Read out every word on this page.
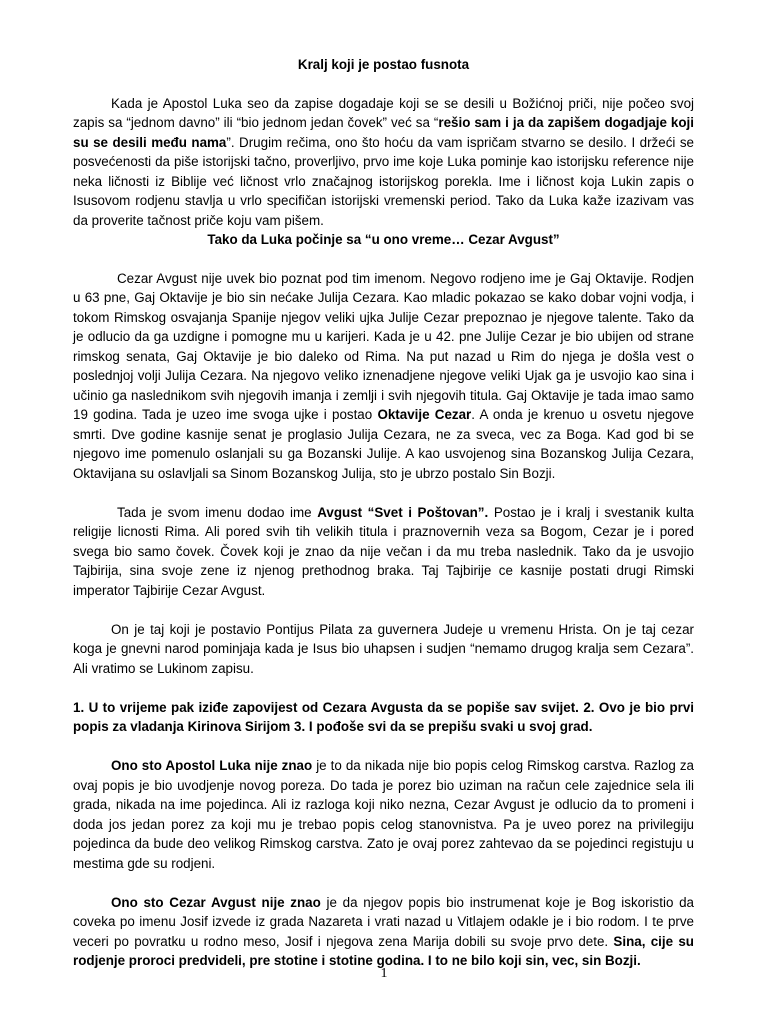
Kralj koji je postao fusnota

Kada je Apostol Luka seo da zapise dogadaje koji se se desili u Božićnoj priči, nije počeo svoj zapis sa “jednom davno” ili “bio jednom jedan čovek” već sa “rešio sam i ja da zapišem dogadjaje koji su se desili među nama”. Drugim rečima, ono što hoću da vam ispričam stvarno se desilo. I držeći se posvećenosti da piše istorijski tačno, proverljivo, prvo ime koje Luka pominje kao istorijsku reference nije neka ličnosti iz Biblije već ličnost vrlo značajnog istorijskog porekla. Ime i ličnost koja Lukin zapis o Isusovom rodjenu stavlja u vrlo specifičan istorijski vremenski period. Tako da Luka kaže izazivam vas da proverite tačnost priče koju vam pišem.

Tako da Luka počinje sa “u ono vreme… Cezar Avgust”

Cezar Avgust nije uvek bio poznat pod tim imenom. Negovo rodjeno ime je Gaj Oktavije. Rodjen u 63 pne, Gaj Oktavije je bio sin nećake Julija Cezara. Kao mladic pokazao se kako dobar vojni vodja, i tokom Rimskog osvajanja Spanije njegov veliki ujka Julije Cezar prepoznao je njegove talente. Tako da je odlucio da ga uzdigne i pomogne mu u karijeri. Kada je u 42. pne Julije Cezar je bio ubijen od strane rimskog senata, Gaj Oktavije je bio daleko od Rima. Na put nazad u Rim do njega je došla vest o poslednjoj volji Julija Cezara. Na njegovo veliko iznenadjene njegove veliki Ujak ga je usvojio kao sina i učinio ga naslednikom svih njegovih imanja i zemlji i svih njegovih titula. Gaj Oktavije je tada imao samo 19 godina. Tada je uzeo ime svoga ujke i postao Oktavije Cezar. A onda je krenuo u osvetu njegove smrti. Dve godine kasnije senat je proglasio Julija Cezara, ne za sveca, vec za Boga. Kad god bi se njegovo ime pomenulo oslanjali su ga Bozanski Julije. A kao usvojenog sina Bozanskog Julija Cezara, Oktavijana su oslavljali sa Sinom Bozanskog Julija, sto je ubrzo postalo Sin Bozji.

Tada je svom imenu dodao ime Avgust “Svet i Poštovan”. Postao je i kralj i svestanik kulta religije licnosti Rima. Ali pored svih tih velikih titula i praznovernih veza sa Bogom, Cezar je i pored svega bio samo čovek. Čovek koji je znao da nije večan i da mu treba naslednik. Tako da je usvojio Tajbirija, sina svoje zene iz njenog prethodnog braka. Taj Tajbirije ce kasnije postati drugi Rimski imperator Tajbirije Cezar Avgust.

On je taj koji je postavio Pontijus Pilata za guvernera Judeje u vremenu Hrista. On je taj cezar koga je gnevni narod pominjaja kada je Isus bio uhapsen i sudjen “nemamo drugog kralja sem Cezara”. Ali vratimo se Lukinom zapisu.

1. U to vrijeme pak iziđe zapovijest od Cezara Avgusta da se popiše sav svijet. 2. Ovo je bio prvi popis za vladanja Kirinova Sirijom 3. I pođoše svi da se prepišu svaki u svoj grad.

Ono sto Apostol Luka nije znao je to da nikada nije bio popis celog Rimskog carstva. Razlog za ovaj popis je bio uvodjenje novog poreza. Do tada je porez bio uziman na račun cele zajednice sela ili grada, nikada na ime pojedinca. Ali iz razloga koji niko nezna, Cezar Avgust je odlucio da to promeni i doda jos jedan porez za koji mu je trebao popis celog stanovnistva. Pa je uveo porez na privilegiju pojedinca da bude deo velikog Rimskog carstva. Zato je ovaj porez zahtevao da se pojedinci registuju u mestima gde su rodjeni.

Ono sto Cezar Avgust nije znao je da njegov popis bio instrumenat koje je Bog iskoristio da coveka po imenu Josif izvede iz grada Nazareta i vrati nazad u Vitlajem odakle je i bio rodom. I te prve veceri po povratku u rodno meso, Josif i njegova zena Marija dobili su svoje prvo dete. Sina, cije su rodjenje proroci predvideli, pre stotine i stotine godina. I to ne bilo koji sin, vec, sin Bozji.

1
